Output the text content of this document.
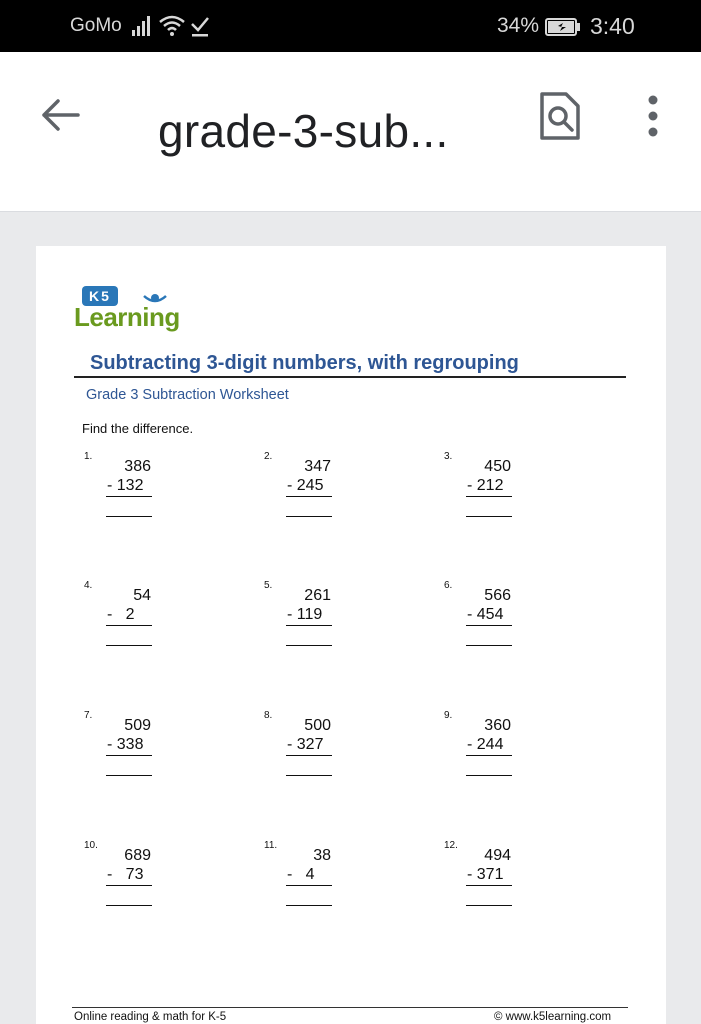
GoMo	34% 3:40
grade-3-sub...
K5
Learning
Subtracting 3-digit numbers, with regrouping
Grade 3 Subtraction Worksheet
Find the difference.
1.
386
- 132
2.
347
- 245
3.
450
- 212
4.
54
-   2
5.
261
- 119
6.
566
- 454
7.
509
- 338
8.
500
- 327
9.
360
- 244
10.
689
-   73
11.
38
-   4
12.
494
- 371
Online reading & math for K-5	© www.k5learning.com
